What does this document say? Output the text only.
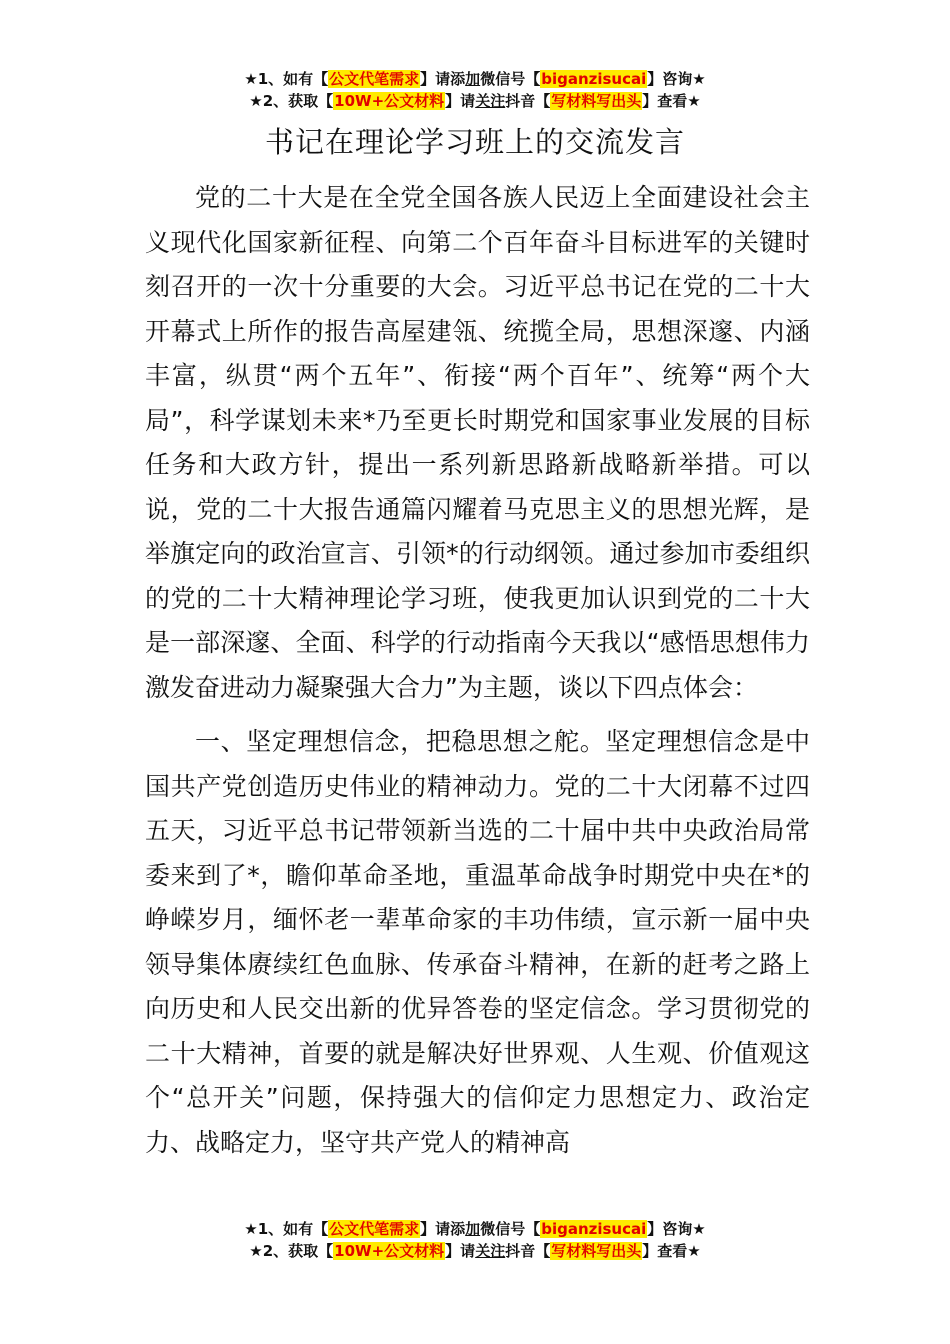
★1、如有【公文代笔需求】请添加微信号【biganzisucai】咨询★
★2、获取【10W+公文材料】请关注抖音【写材料写出头】查看★
书记在理论学习班上的交流发言

党的二十大是在全党全国各族人民迈上全面建设社会主义现代化国家新征程、向第二个百年奋斗目标进军的关键时刻召开的一次十分重要的大会。习近平总书记在党的二十大开幕式上所作的报告高屋建瓴、统揽全局，思想深邃、内涵丰富，纵贯“两个五年”、衔接“两个百年”、统筹“两个大局”，科学谋划未来*乃至更长时期党和国家事业发展的目标任务和大政方针，提出一系列新思路新战略新举措。可以说，党的二十大报告通篇闪耀着马克思主义的思想光辉，是举旗定向的政治宣言、引领*的行动纲领。通过参加市委组织的党的二十大精神理论学习班，使我更加认识到党的二十大是一部深邃、全面、科学的行动指南今天我以“感悟思想伟力激发奋进动力凝聚强大合力”为主题，谈以下四点体会：

一、坚定理想信念，把稳思想之舵。坚定理想信念是中国共产党创造历史伟业的精神动力。党的二十大闭幕不过四五天，习近平总书记带领新当选的二十届中共中央政治局常委来到了*，瞻仰革命圣地，重温革命战争时期党中央在*的峥嵘岁月，缅怀老一辈革命家的丰功伟绩，宣示新一届中央领导集体赓续红色血脉、传承奋斗精神，在新的赶考之路上向历史和人民交出新的优异答卷的坚定信念。学习贯彻党的二十大精神，首要的就是解决好世界观、人生观、价值观这个“总开关”问题，保持强大的信仰定力思想定力、政治定力、战略定力，坚守共产党人的精神高

★1、如有【公文代笔需求】请添加微信号【biganzisucai】咨询★
★2、获取【10W+公文材料】请关注抖音【写材料写出头】查看★
